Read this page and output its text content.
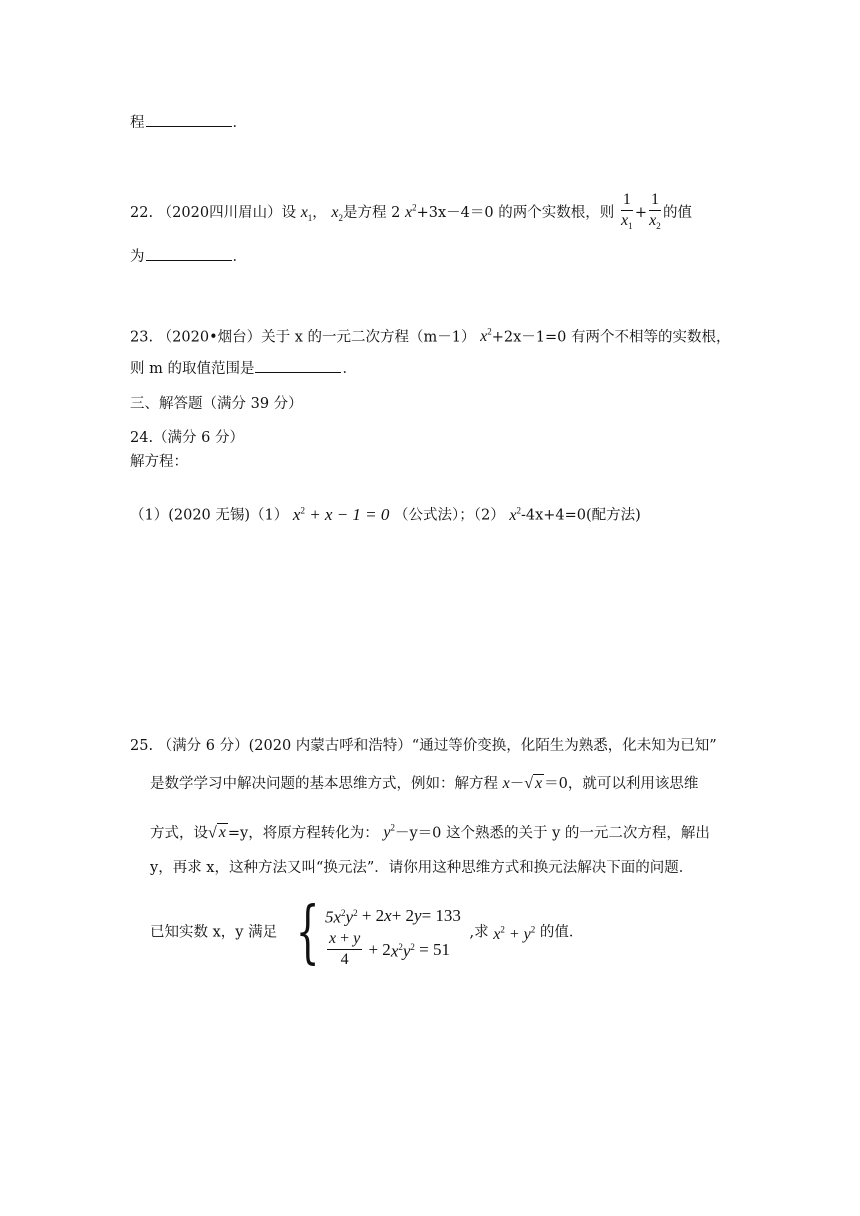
程	．
22. （2020四川眉山）设 $x_1$， $x_2$是方程 2 $x^2+3x-4=0$ 的两个实数根，则 $\frac{1}{x_1} + \frac{1}{x_2}$ 的值
为	．
23. （2020•烟台）关于 x 的一元二次方程（m－1） $x^2+2x-1=0$ 有两个不相等的实数根，
则 m 的取值范围是	．
三、解答题（满分 39 分）
24.（满分 6 分）
解方程：
（1）(2020 无锡)（1） $x^2 + x - 1 = 0$ （公式法）；（2） $x^2-4x+4=0$(配方法)
25. （满分 6 分）(2020 内蒙古呼和浩特）“通过等价变换，化陌生为熟悉，化未知为已知”
是数学学习中解决问题的基本思维方式，例如：解方程 x－√ x ＝0，就可以利用该思维
方式，设√ x =y，将原方程转化为： $y^2-y=0$ 这个熟悉的关于 y 的一元二次方程，解出
y，再求 x，这种方法又叫“换元法”．请你用这种思维方式和换元法解决下面的问题．
已知实数 x，y 满足 { $5x^2y^2 + 2$ x + 2 y = 133
$\frac{x + y}{4} + 2$ $x^2y^2 = 51$
,求 $x^2 + y^2$ 的值．
